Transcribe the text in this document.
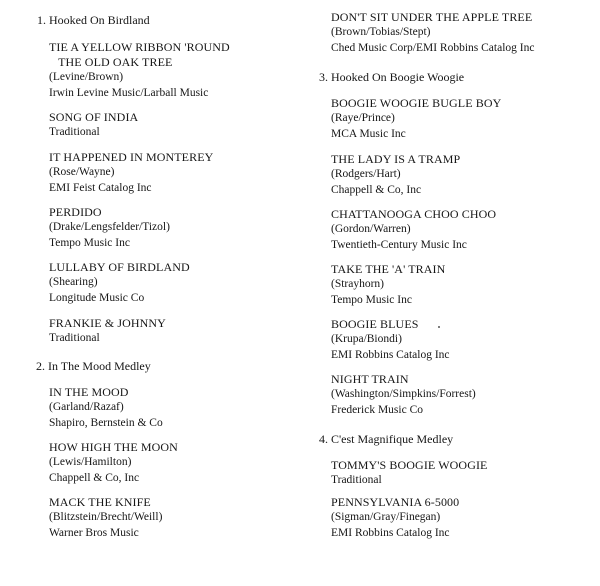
1. Hooked On Birdland
TIE A YELLOW RIBBON 'ROUND
THE OLD OAK TREE
(Levine/Brown)
Irwin Levine Music/Larball Music
SONG OF INDIA
Traditional
IT HAPPENED IN MONTEREY
(Rose/Wayne)
EMI Feist Catalog Inc
PERDIDO
(Drake/Lengsfelder/Tizol)
Tempo Music Inc
LULLABY OF BIRDLAND
(Shearing)
Longitude Music Co
FRANKIE & JOHNNY
Traditional
2. In The Mood Medley
IN THE MOOD
(Garland/Razaf)
Shapiro, Bernstein & Co
HOW HIGH THE MOON
(Lewis/Hamilton)
Chappell & Co, Inc
MACK THE KNIFE
(Blitzstein/Brecht/Weill)
Warner Bros Music
DON'T SIT UNDER THE APPLE TREE
(Brown/Tobias/Stept)
Ched Music Corp/EMI Robbins Catalog Inc
3. Hooked On Boogie Woogie
BOOGIE WOOGIE BUGLE BOY
(Raye/Prince)
MCA Music Inc
THE LADY IS A TRAMP
(Rodgers/Hart)
Chappell & Co, Inc
CHATTANOOGA CHOO CHOO
(Gordon/Warren)
Twentieth-Century Music Inc
TAKE THE 'A' TRAIN
(Strayhorn)
Tempo Music Inc
BOOGIE BLUES
(Krupa/Biondi)
EMI Robbins Catalog Inc
NIGHT TRAIN
(Washington/Simpkins/Forrest)
Frederick Music Co
4. C'est Magnifique Medley
TOMMY'S BOOGIE WOOGIE
Traditional
PENNSYLVANIA 6-5000
(Sigman/Gray/Finegan)
EMI Robbins Catalog Inc
